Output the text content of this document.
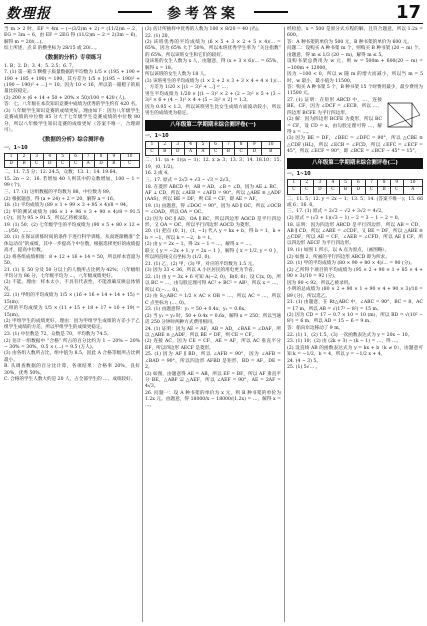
数理报	参考答案	17

当 m > 2 时，EF = 4m − (−(3/2)m + 2) = (11/2)m − 2，EG = 3m − 6，由 EF = 2EG 得 (11/2)m − 2 = 2(3m − 6)，解得 m = 20/(…)。

综上所述，点 E 的横坐标为 28/15 或 20/…。

《数据的分析》专项练习

1. B；2. D；3. 4；5. 2.5；6. 7。

7. (1) 第一箱 5 颗橙子质量数据的平均数为 1/5 × (195 + 190 + 190 + 185 + 190) = 190，其方差为 1/5 × [(195 − 190)² + (190 − 190)² + …] = 10。因为 10 < 16，所以第一箱橙子的质量比较稳定。

(2) 200 × (6 + 14 + 50 + 20% × 50)/100 = 420 (人)。

答：七、八年级在本次知识竞赛中成绩为优秀的学生约有 420 名。

(3) 八年级学生知识竞赛的成绩更好。理由如下：因为八年级学生竞赛成绩的中位数 85 分大于七年级学生竞赛成绩的中位数 80 分，所以八年级学生知识竞赛的成绩更好（答案不唯一，合理即可）。

《数据的分析》综合测评卷
一、1~10
1	2	3	4	5	6	7	8	9	10
D	B	C	D	C	C	A	D	B	C

二、11. 7.5 分；12. 24.5，众数；13. 1；14. 19.64。

15. 2n − 2；16. 若增加 40 人则其中的众数增加，100 − 1 = 99 (个)。

三、17. (1) 这组数据的平均数为 88，中位数为 89。

(2) 根据题意，得 (a + 24) ÷ 2 = 20，解得 a = 16。

18. (1) 平均成绩为 (89 × 1 + 99 × 3 + 95 × 4)/8 = 94。

(2) 甲的测试成绩为 (86 × 1 + 96 × 3 + 90 × 4)/8 = 91.5 (分)。因为 95 > 91.5，所以乙将被录取。

19. (1) 50；(2) 七年级学生的平均成绩为 (90 × 5 + 80 × 12 + …)/50，……

20. (1) 在保证训练时间的条件下进行科学训练，从而逐渐精准“全体运动员”的成绩，其中一步提高个中位数，根据选择更好的成绩提高才，提高中位数。

(2) 将各组成绩相加：8 + 12 + 16 + 14 = 50，所以样本容量为 50。

21. (1) 在 50 分及 50 分以上的人数所占比例为 42%；八年级组平均分为 86 分，七年级平均为 …，八年级成绩更好。

(2) 不能。理由：样本太小，不具有代表性，不能准确反映总体情况。

22. (1) 甲组的平均成绩为 1/5 × (16 + 16 + 14 + 14 + 15) = 15(m)；

乙组的平均成绩为 1/5 × (11 + 15 + 18 + 17 + 10 + 19) = 15(m)。

(2) 甲组学生的成绩更好，理由：因为甲组学生成绩的方差小于乙组学生成绩的方差，所以甲组学生的成绩更稳定。

23. (1) 中位数是 72，众数是 70，平均数为 74.5。

(2) 估计一组数据中 “合格” 所占的百分比约为 1 − 20% − 20% − 30% = 30%，0.5 × (…) = 9.5 (万人)。

(3) 由各组人数所占比，组中值为 8.5，因此 A 合格等级所占比例最小。

B. 从调查数据的百分比计算，各项结果：合格率 20%，良好 30%，优秀 50%。

C. 合格的学生人数大约是 20 人，占全部学生的 …，成绩较好。

(3) 估计所抽样中优秀的人数为 100 × 8/20 = 40 (名)。

22. (1) 20。

(2) 该班优秀的平均成绩为 (6 × 5 + 3 × 2 + 5 × 4)/… = 65%。因为 65% 大于 50%，所以本班优秀学生率为 “关注指数” 的 65%。所以该班女生和它们的较好。

设该班的女生人数为 x 人，由题意，得 (x + 3 × 6)/… = 65%，解得 x = 18。

所以该班的女生人数为 18 人。

(3) 该班男生的平均成绩为 (1 × 2 + 2 × 3 + 3 × 4 + 4 × 1)/… ，方差为 1/20 × [(1 − 3)² + …] = …；

男生平均成绩为 1/20 × [(1 − 3)² × 2 + (2 − 3)² × 5 + (3 − 3)² × 6 + (4 − 3)² × 4 + (5 − 3)² × 2] = 1.3。

因为 0.95 < 1.3，所以该班男生比女生成绩方面波动较小，所以男生的成绩更为稳定。

八年级第二学期期末综合测评卷(一)
一、1~10
1	2	3	4	5	6	7	8	9	10
C	B	D	A	A	C	B	C	D	B

二、11. (a + 1)(a − 1)；12. x ≥ 3；13. 3；14. 18.10；15. 19，(0, 1/2)。

16. 2 或 4。

三、17. 原式 = 2√3 + √3 − √3 = 2√3。

18. 在菱形 ABCD 中，AB = AD，∠B = ∠D。因为 AE ⊥ BC，AF ⊥ CD，所以 ∠AEB = ∠AFD = 90°。所以 △ABE ≌ △ADF (AAS)，所以 BE = DF，则 CE = CF，即 AE = AF。

19. (1) 由题意，得 ∠DOC = 90°，因为 AD ∥ OC，所以 ∠OCB = ∠OAD，所以 OA = OC。

(2) 因为 OC ∥ AD，OA ∥ BC，所以四边形 AOCD 是平行四边形，又 OA = OC，所以平行四边形 AOCD 为菱形。

20. (1) 把点 (0, 1)，(1, −1) 代入 y = kx + b，得 b = 1，k + b = −1，所以 k = −2，b = 1。

(2) 由 y = 2x − 1，得 2x − 1 = …，解得 x = …。

联立 { y = −2x + 1, y = 2x − 1 }，解得 { x = 1/2, y = 0 }，所以两直线交点坐标为 (1/2, 0)。

21. (1) 乙，(2) 甲，(3) 甲，对应的平均数为 1.5 元。

(3) 因为 33 < 36，所以 A 小区居民的用电更为节省。

22. (1) 由 y = 3x + 6 可知 A(−2, 0)，B(0, 6)；设 C(x, 0)，所以 BC = …，由勾股定理可得 AC² + BC² = AB²，所以 x = …，所以 C(−…, 0)。

(2) 由 S△ABC = 1/2 × AC × OB = …，所以 AC = …，所以 C 点坐标为 (…, 0)。

23. (1) 由题意得：y₁ = 50 + 0.4x，y₂ = 0.6x。

(2) 当 y₁ = y₂ 时，50 + 0.4x = 0.6x，解得 x = 250；所以当通话 250 分钟时两种方式费用相同。

24. (1) 证明：因为 AE = AF，AB = AD，∠BAE = ∠DAF，所以 △ABE ≌ △ADF，所以 BE = DF，则 CE = CF。

(2) 连接 AC，因为 CE = CF，AE = AF，所以 AC 垂直平分 EF，所以四边形 AECF 是菱形。

25. (1) 因为 AF ∥ BD，所以 ∠AFB = 90°，因为 ∠AFB = ∠BAD = 90°，所以四边形 AFBD 是矩形，BD = AF，DE = 2。

(2) 如图，由题意得 AE = AB，所以 EF = BF，所以 AF 垂直平分 BE，△ABF ≌ △AEF，所以 ∠AEF = 90°，AE = 2AF = 4√3。

26. 问题一：设 A 种书架的单价为 x 元，则 B 种书架的单价为 1.2x 元。由题意，得 18000/x − 18000/(1.2x) = …，解得 x = …。

经检验，x = 500 是原分式方程的解，且符合题意，所以 1.2x = 600。

答：A 种书架的单价为 500 元，B 种书架的单价为 600 元。

问题二：设购买 A 种书架 m 个，则购买 B 种书架 (20 − m) 个。由题意，得 m ≤ 1/3 (20 − m)，解得 m ≤ 5。

设购书架总费用为 w 元，则 w = 500m + 600(20 − m) = −100m + 12000。

因为 −100 < 0，所以 w 随 m 的增大而减小，所以当 m = 5 时，w 最小，最小值为 11500。

答：购买 A 种书架 5 个，B 种书架 15 个时费用最少，最少费用为 11500 元。

27. (1) 证明：在矩形 ABCD 中，…，连接 BE、CF，因为 ∠DCF = ∠ECB，所以 …，四边形 BCFE 为平行四边形。

(2) 解：因为四边形 BCFE 为菱形，所以 BC = CF，设 CD = x，由勾股定理可得 …，解得 x = …。

(3) 因为 BE = DF，∠BEC = ∠DFC = 90°，所以 △CBE ≌ △CDF (HL)，所以 ∠ECB = ∠FCD，所以 ∠EFC = ∠ECF = 45°，所以 ∠ECF = 90°，即 ∠BCE = ∠BCF − 45° = 15°。

八年级第二学期期末综合测评卷(二)
一、1~10
1	2	3	4	5	6	7	8	9	10
C	C	D	C	B	D	C	B	C	A

二、11. 5；12. y = 2x − 1；13. 5；14. (答案不唯一)；15. 66 或 6；16. 6。

三、17. (1) 原式 = 2√2 − √2 + 3√2 = 4√2。

(2) 原式 = (√3 + 1)(√3 − 1) − 2 = 3 − 1 − 2 = 0。

18. 证明：因为四边形 ABCD 是平行四边形，所以 AB = CD，AB ∥ CD，所以 ∠ABE = ∠CDF。又 BE = DF，所以 △ABE ≌ △CDF，所以 AE = CF，∠AEB = ∠CFD，所以 AE ∥ CF，所以四边形 AECF 为平行四边形。

19. (1) 如图 1 所示，以 A 点为原点，（画图略）。

(2) 如图 2，所画的平行四边形 ABCD 即为所求。

20. (1) 甲的平均成绩为 (80 × 90 + 80 × 4)/… = 90 (分)。

(2) 乙所得个项目的平均成绩为 (95 × 2 + 90 × 1 + 85 × 4 + 90 × 3)/10 = 92 (分)，

因为 90 < 92，所以乙被录用。

小明的总成绩为 (80 × 2 + 90 × 1 + 90 × 4 + 90 × 3)/10 = 89 (分)，所以选乙。

21. (1) 由题意，在 Rt△ABC 中，∠ABC = 90°，BC = 8，AC = 17 m，所以 AB = √(17² − 8²) = 15 m。

(2) 因为 CD = 17 − 0.7 × 10 = 10 (m)，所以 BD = √(10² − 8²) = 6 m，所以 AD = 15 − 6 = 9 m。

答：船向岸边移动了 9 m。

22. (1) 1，(2) 1.5，(3) 一次函数表达式为 y = 20x − 10。

23. (1) 10；(2) 由 (2k + 3) − (k − 1) = …，得 …。

(2) 设直线 AB 的函数表达式为 y = kx + b（k ≠ 0），由题意可知 k = −1/2，b = 4，所以 y = −1/2 x + 4。

24. (4 − 3) 5。

25. (1) 5√… 。
